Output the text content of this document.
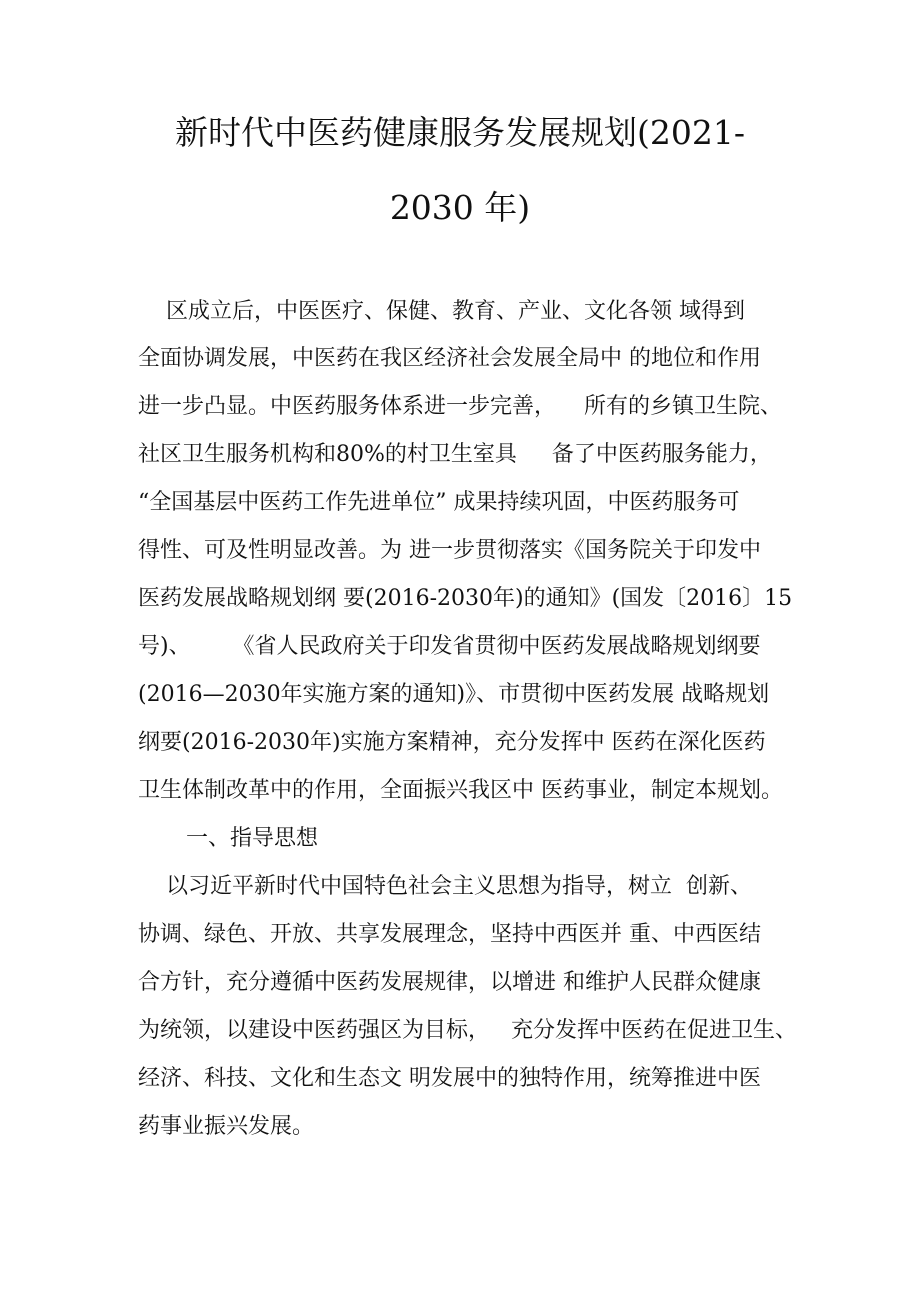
新时代中医药健康服务发展规划(2021-
2030 年)
区成立后，中医医疗、保健、教育、产业、文化各领 域得到
全面协调发展，中医药在我区经济社会发展全局中 的地位和作用
进一步凸显。中医药服务体系进一步完善，    所有的乡镇卫生院、
社区卫生服务机构和80%的村卫生室具     备了中医药服务能力，
“全国基层中医药工作先进单位” 成果持续巩固，中医药服务可
得性、可及性明显改善。为 进一步贯彻落实《国务院关于印发中
医药发展战略规划纲 要(2016-2030年)的通知》(国发〔2016〕15
号)、      《省人民政府关于印发省贯彻中医药发展战略规划纲要
(2016—2030年实施方案的通知)》、市贯彻中医药发展 战略规划
纲要(2016-2030年)实施方案精神，充分发挥中 医药在深化医药
卫生体制改革中的作用，全面振兴我区中 医药事业，制定本规划。
一、指导思想
以习近平新时代中国特色社会主义思想为指导，树立  创新、
协调、绿色、开放、共享发展理念，坚持中西医并 重、中西医结
合方针，充分遵循中医药发展规律，以增进 和维护人民群众健康
为统领，以建设中医药强区为目标，   充分发挥中医药在促进卫生、
经济、科技、文化和生态文 明发展中的独特作用，统筹推进中医
药事业振兴发展。
